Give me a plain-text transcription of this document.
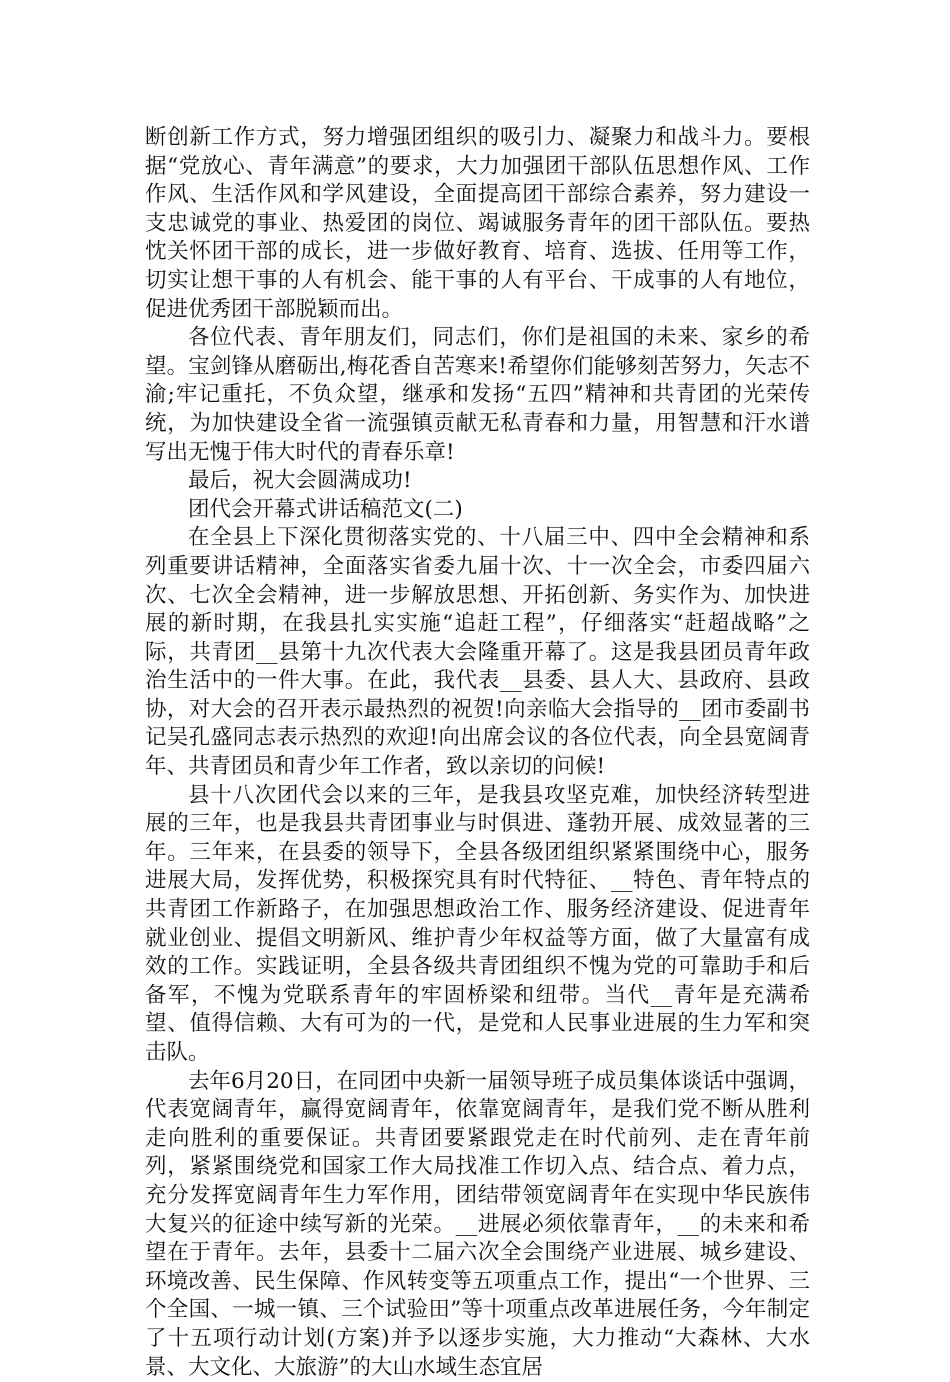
断创新工作方式，努力增强团组织的吸引力、凝聚力和战斗力。要根据“党放心、青年满意”的要求，大力加强团干部队伍思想作风、工作作风、生活作风和学风建设，全面提高团干部综合素养，努力建设一支忠诚党的事业、热爱团的岗位、竭诚服务青年的团干部队伍。要热忱关怀团干部的成长，进一步做好教育、培育、选拔、任用等工作，切实让想干事的人有机会、能干事的人有平台、干成事的人有地位，促进优秀团干部脱颖而出。

各位代表、青年朋友们，同志们，你们是祖国的未来、家乡的希望。宝剑锋从磨砺出,梅花香自苦寒来!希望你们能够刻苦努力，矢志不渝;牢记重托，不负众望，继承和发扬“五四”精神和共青团的光荣传统，为加快建设全省一流强镇贡献无私青春和力量，用智慧和汗水谱写出无愧于伟大时代的青春乐章!

最后，祝大会圆满成功!

团代会开幕式讲话稿范文(二)

在全县上下深化贯彻落实党的、十八届三中、四中全会精神和系列重要讲话精神，全面落实省委九届十次、十一次全会，市委四届六次、七次全会精神，进一步解放思想、开拓创新、务实作为、加快进展的新时期，在我县扎实实施“追赶工程”，仔细落实“赶超战略”之际，共青团__县第十九次代表大会隆重开幕了。这是我县团员青年政治生活中的一件大事。在此，我代表__县委、县人大、县政府、县政协，对大会的召开表示最热烈的祝贺!向亲临大会指导的__团市委副书记吴孔盛同志表示热烈的欢迎!向出席会议的各位代表，向全县宽阔青年、共青团员和青少年工作者，致以亲切的问候!

县十八次团代会以来的三年，是我县攻坚克难，加快经济转型进展的三年，也是我县共青团事业与时俱进、蓬勃开展、成效显著的三年。三年来，在县委的领导下，全县各级团组织紧紧围绕中心，服务进展大局，发挥优势，积极探究具有时代特征、__特色、青年特点的共青团工作新路子，在加强思想政治工作、服务经济建设、促进青年就业创业、提倡文明新风、维护青少年权益等方面，做了大量富有成效的工作。实践证明，全县各级共青团组织不愧为党的可靠助手和后备军，不愧为党联系青年的牢固桥梁和纽带。当代__青年是充满希望、值得信赖、大有可为的一代，是党和人民事业进展的生力军和突击队。

去年6月20日，在同团中央新一届领导班子成员集体谈话中强调，代表宽阔青年，赢得宽阔青年，依靠宽阔青年，是我们党不断从胜利走向胜利的重要保证。共青团要紧跟党走在时代前列、走在青年前列，紧紧围绕党和国家工作大局找准工作切入点、结合点、着力点，充分发挥宽阔青年生力军作用，团结带领宽阔青年在实现中华民族伟大复兴的征途中续写新的光荣。__进展必须依靠青年，__的未来和希望在于青年。去年，县委十二届六次全会围绕产业进展、城乡建设、环境改善、民生保障、作风转变等五项重点工作，提出“一个世界、三个全国、一城一镇、三个试验田”等十项重点改革进展任务，今年制定了十五项行动计划(方案)并予以逐步实施，大力推动“大森林、大水景、大文化、大旅游”的大山水域生态宜居
